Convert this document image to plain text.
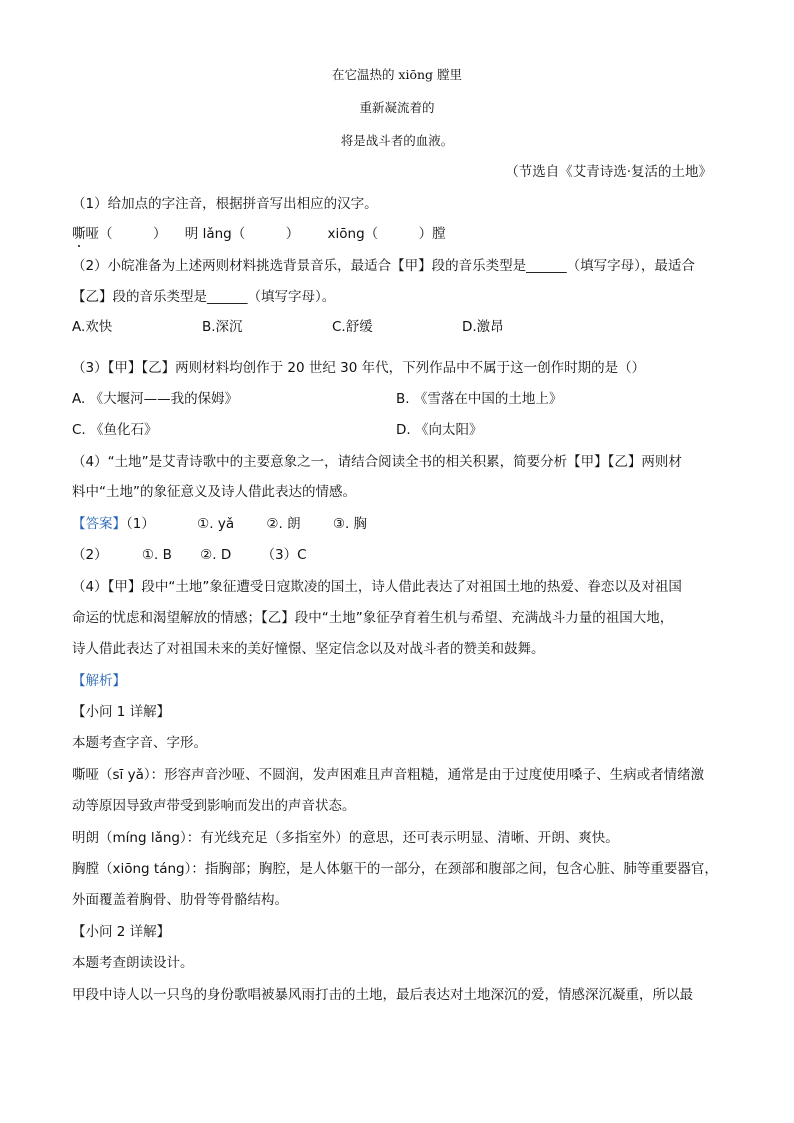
在它温热的 xiōng 膛里
重新凝流着的
将是战斗者的血液。
（节选自《艾青诗选·复活的土地》
（1）给加点的字注音，根据拼音写出相应的汉字。
嘶哑（　　　） 明 lǎng（　　　） xiōng（　　　）膛
（2）小皖准备为上述两则材料挑选背景音乐，最适合【甲】段的音乐类型是______（填写字母），最适合
【乙】段的音乐类型是______（填写字母）。
A.欢快	B.深沉	C.舒缓	D.激昂
（3）【甲】【乙】两则材料均创作于 20 世纪 30 年代，下列作品中不属于这一创作时期的是（）
A. 《大堰河——我的保姆》	B. 《雪落在中国的土地上》
C. 《鱼化石》	D. 《向太阳》
（4）“土地”是艾青诗歌中的主要意象之一，请结合阅读全书的相关积累，简要分析【甲】【乙】两则材
料中“土地”的象征意义及诗人借此表达的情感。
【答案】（1）	①. yǎ ②. 朗 ③. 胸
（2）	①. B ②. D （3）C
（4）【甲】段中“土地”象征遭受日寇欺凌的国土，诗人借此表达了对祖国土地的热爱、眷恋以及对祖国
命运的忧虑和渴望解放的情感；【乙】段中“土地”象征孕育着生机与希望、充满战斗力量的祖国大地，
诗人借此表达了对祖国未来的美好憧憬、坚定信念以及对战斗者的赞美和鼓舞。
【解析】
【小问 1 详解】
本题考查字音、字形。
嘶哑（sī yǎ）：形容声音沙哑、不圆润，发声困难且声音粗糙，通常是由于过度使用嗓子、生病或者情绪激
动等原因导致声带受到影响而发出的声音状态。
明朗（míng lǎng）：有光线充足（多指室外）的意思，还可表示明显、清晰、开朗、爽快。
胸膛（xiōng táng）：指胸部；胸腔，是人体躯干的一部分，在颈部和腹部之间，包含心脏、肺等重要器官，
外面覆盖着胸骨、肋骨等骨骼结构。
【小问 2 详解】
本题考查朗读设计。
甲段中诗人以一只鸟的身份歌唱被暴风雨打击的土地，最后表达对土地深沉的爱，情感深沉凝重，所以最
